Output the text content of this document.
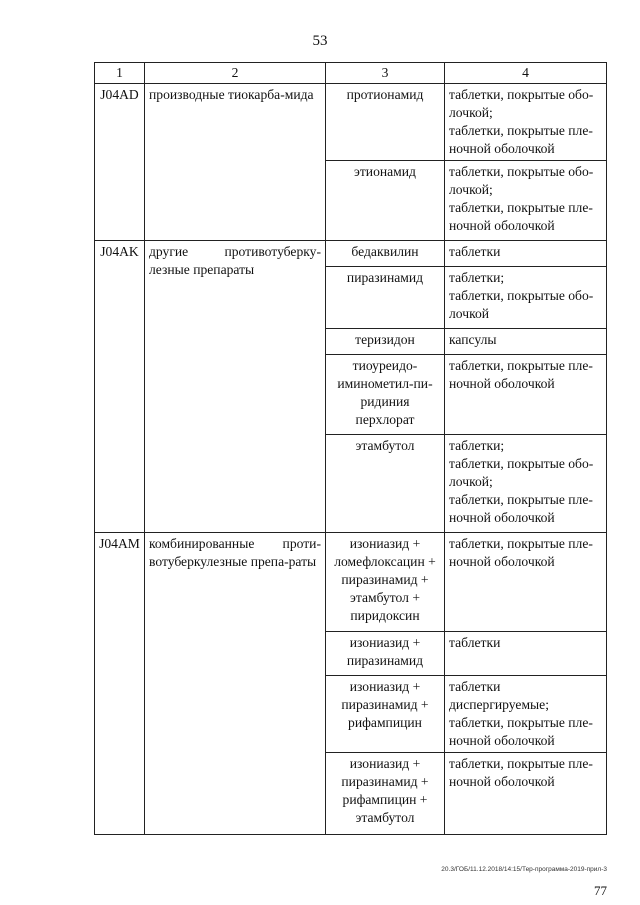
53
1	2	3	4
J04AD	производные тиокарба-мида	протионамид	таблетки, покрытые обо-лочкой;
таблетки, покрытые пле-ночной оболочкой
		этионамид	таблетки, покрытые обо-лочкой;
таблетки, покрытые пле-ночной оболочкой
J04AK	другие противотуберку-лезные препараты	бедаквилин	таблетки
		пиразинамид	таблетки;
таблетки, покрытые обо-лочкой
		теризидон	капсулы
		тиоуреидо-иминометил-пи-ридиния
перхлорат	таблетки, покрытые пле-ночной оболочкой
		этамбутол	таблетки;
таблетки, покрытые обо-лочкой;
таблетки, покрытые пле-ночной оболочкой
J04AM	комбинированные проти-вотуберкулезные препа-раты	изониазид +
ломефлоксацин +
пиразинамид +
этамбутол +
пиридоксин	таблетки, покрытые пле-ночной оболочкой
		изониазид +
пиразинамид	таблетки
		изониазид +
пиразинамид +
рифампицин	таблетки диспергируемые;
таблетки, покрытые пле-ночной оболочкой
		изониазид +
пиразинамид +
рифампицин +
этамбутол	таблетки, покрытые пле-ночной оболочкой
20.3/ГОБ/11.12.2018/14:15/Тер-программа-2019-прил-3
77
